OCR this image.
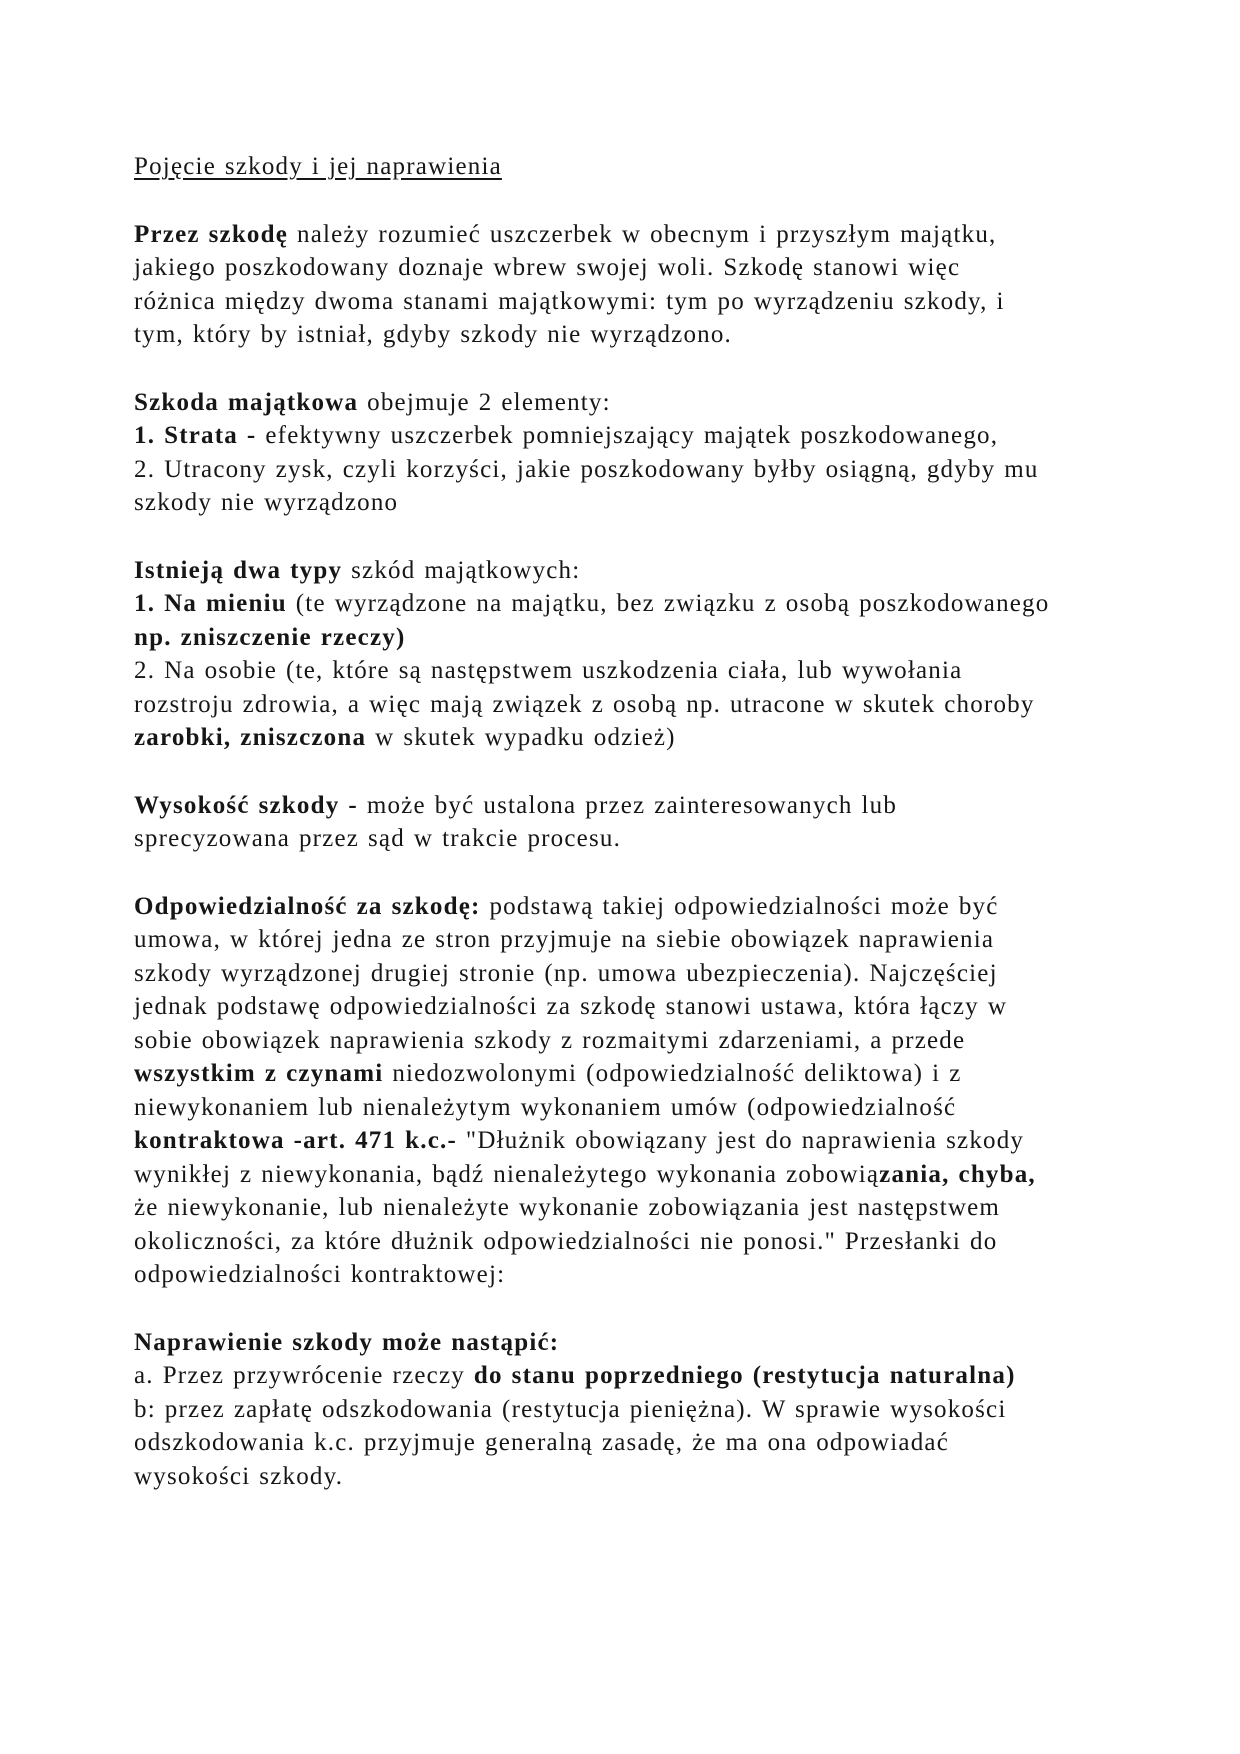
Pojęcie szkody i jej naprawienia
Przez szkodę należy rozumieć uszczerbek w obecnym i przyszłym majątku,
jakiego poszkodowany doznaje wbrew swojej woli. Szkodę stanowi więc
różnica między dwoma stanami majątkowymi: tym po wyrządzeniu szkody, i
tym, który by istniał, gdyby szkody nie wyrządzono.
Szkoda majątkowa obejmuje 2 elementy:
1. Strata - efektywny uszczerbek pomniejszający majątek poszkodowanego,
2. Utracony zysk, czyli korzyści, jakie poszkodowany byłby osiągną, gdyby mu
szkody nie wyrządzono
Istnieją dwa typy szkód majątkowych:
1. Na mieniu (te wyrządzone na majątku, bez związku z osobą poszkodowanego
np. zniszczenie rzeczy)
2. Na osobie (te, które są następstwem uszkodzenia ciała, lub wywołania
rozstroju zdrowia, a więc mają związek z osobą np. utracone w skutek choroby
zarobki, zniszczona w skutek wypadku odzież)
Wysokość szkody - może być ustalona przez zainteresowanych lub
sprecyzowana przez sąd w trakcie procesu.
Odpowiedzialność za szkodę: podstawą takiej odpowiedzialności może być
umowa, w której jedna ze stron przyjmuje na siebie obowiązek naprawienia
szkody wyrządzonej drugiej stronie (np. umowa ubezpieczenia). Najczęściej
jednak podstawę odpowiedzialności za szkodę stanowi ustawa, która łączy w
sobie obowiązek naprawienia szkody z rozmaitymi zdarzeniami, a przede
wszystkim z czynami niedozwolonymi (odpowiedzialność deliktowa) i z
niewykonaniem lub nienależytym wykonaniem umów (odpowiedzialność
kontraktowa -art. 471 k.c.- "Dłużnik obowiązany jest do naprawienia szkody
wynikłej z niewykonania, bądź nienależytego wykonania zobowiązania, chyba,
że niewykonanie, lub nienależyte wykonanie zobowiązania jest następstwem
okoliczności, za które dłużnik odpowiedzialności nie ponosi." Przesłanki do
odpowiedzialności kontraktowej:
Naprawienie szkody może nastąpić:
a. Przez przywrócenie rzeczy do stanu poprzedniego (restytucja naturalna)
b: przez zapłatę odszkodowania (restytucja pieniężna). W sprawie wysokości
odszkodowania k.c. przyjmuje generalną zasadę, że ma ona odpowiadać
wysokości szkody.
